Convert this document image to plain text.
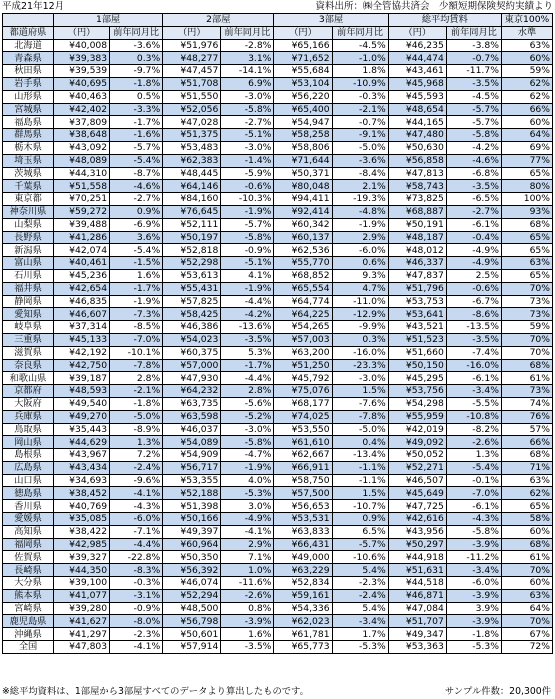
平成21年12月	資料出所：㈱全管協共済会　少額短期保険契約実績より
	1部屋		2部屋		3部屋		総平均賃料		東京100%
都道府県	（円）	前年同月比	（円）	前年同月比	（円）	前年同月比	（円）	前年同月比	水準
北海道	¥40,008	-3.6%	¥51,976	-2.8%	¥65,166	-4.5%	¥46,235	-3.8%	63%
青森県	¥39,383	0.3%	¥48,277	3.1%	¥71,652	-1.0%	¥44,474	-0.7%	60%
秋田県	¥39,539	-9.7%	¥47,457	-14.1%	¥55,684	1.8%	¥43,461	-11.7%	59%
岩手県	¥40,695	-1.8%	¥51,708	6.9%	¥53,104	-10.9%	¥45,968	-3.5%	62%
山形県	¥40,463	0.5%	¥51,550	-3.0%	¥56,220	-0.3%	¥45,593	-4.5%	62%
宮城県	¥42,402	-3.3%	¥52,056	-5.8%	¥65,400	-2.1%	¥48,654	-5.7%	66%
福島県	¥37,809	-1.7%	¥47,028	-2.7%	¥54,947	-0.7%	¥44,165	-5.7%	60%
群馬県	¥38,648	-1.6%	¥51,375	-5.1%	¥58,258	-9.1%	¥47,480	-5.8%	64%
栃木県	¥43,092	-5.7%	¥53,483	-3.0%	¥58,806	-5.0%	¥50,630	-4.2%	69%
埼玉県	¥48,089	-5.4%	¥62,383	-1.4%	¥71,644	-3.6%	¥56,858	-4.6%	77%
茨城県	¥44,310	-8.7%	¥48,445	-5.9%	¥50,371	-8.4%	¥47,813	-6.8%	65%
千葉県	¥51,558	-4.6%	¥64,146	-0.6%	¥80,048	2.1%	¥58,743	-3.5%	80%
東京都	¥70,251	-2.7%	¥84,160	-10.3%	¥94,411	-19.3%	¥73,825	-6.5%	100%
神奈川県	¥59,272	0.9%	¥76,645	-1.9%	¥92,414	-4.8%	¥68,887	-2.7%	93%
山梨県	¥39,488	-6.9%	¥52,111	-5.7%	¥60,342	-1.9%	¥50,191	-6.1%	68%
長野県	¥41,286	3.6%	¥50,197	-5.8%	¥60,137	2.9%	¥48,187	-0.4%	65%
新潟県	¥42,074	-5.4%	¥52,818	-0.9%	¥62,536	-6.0%	¥48,012	-4.9%	65%
富山県	¥40,461	-1.5%	¥52,298	-5.1%	¥55,770	0.6%	¥46,337	-4.9%	63%
石川県	¥45,236	1.6%	¥53,613	4.1%	¥68,852	9.3%	¥47,837	2.5%	65%
福井県	¥42,654	-1.7%	¥55,431	-1.9%	¥65,554	4.7%	¥51,796	-0.6%	70%
静岡県	¥46,835	-1.9%	¥57,825	-4.4%	¥64,774	-11.0%	¥53,753	-6.7%	73%
愛知県	¥46,607	-7.3%	¥58,425	-4.2%	¥64,225	-12.9%	¥53,641	-8.6%	73%
岐阜県	¥37,314	-8.5%	¥46,386	-13.6%	¥54,265	-9.9%	¥43,521	-13.5%	59%
三重県	¥45,133	-7.0%	¥54,023	-3.5%	¥57,003	0.3%	¥51,523	-3.5%	70%
滋賀県	¥42,192	-10.1%	¥60,375	5.3%	¥63,200	-16.0%	¥51,660	-7.4%	70%
奈良県	¥42,750	-7.8%	¥57,000	-1.7%	¥51,250	-23.3%	¥50,150	-16.0%	68%
和歌山県	¥39,187	2.8%	¥47,930	-4.4%	¥45,792	-3.0%	¥45,295	-6.1%	61%
京都府	¥48,593	-2.1%	¥64,232	2.8%	¥75,076	1.5%	¥53,756	-3.4%	73%
大阪府	¥49,540	-1.8%	¥63,735	-5.6%	¥68,177	-7.6%	¥54,298	-5.5%	74%
兵庫県	¥49,270	-5.0%	¥63,598	-5.2%	¥74,025	-7.8%	¥55,959	-10.8%	76%
鳥取県	¥35,443	-8.9%	¥46,037	-3.0%	¥53,550	-5.0%	¥42,019	-8.2%	57%
岡山県	¥44,629	1.3%	¥54,089	-5.8%	¥61,610	0.4%	¥49,092	-2.6%	66%
島根県	¥43,967	7.2%	¥54,909	-4.7%	¥62,667	-13.4%	¥50,052	1.3%	68%
広島県	¥43,434	-2.4%	¥56,717	-1.9%	¥66,911	-1.1%	¥52,271	-5.4%	71%
山口県	¥34,693	-9.6%	¥53,355	4.0%	¥58,750	-1.1%	¥46,507	-0.1%	63%
徳島県	¥38,452	-4.1%	¥52,188	-5.3%	¥57,500	1.5%	¥45,649	-7.0%	62%
香川県	¥40,769	-4.3%	¥51,398	3.0%	¥56,653	-10.7%	¥47,725	-6.1%	65%
愛媛県	¥35,085	-6.0%	¥50,166	-4.9%	¥53,531	0.9%	¥42,616	-4.3%	58%
高知県	¥38,422	-7.1%	¥49,397	-4.1%	¥63,833	6.5%	¥43,956	-5.8%	60%
福岡県	¥42,985	-4.4%	¥60,964	2.9%	¥66,431	-5.7%	¥50,297	-3.9%	68%
佐賀県	¥39,327	-22.8%	¥50,350	7.1%	¥49,000	-10.6%	¥44,918	-11.2%	61%
長崎県	¥44,350	-8.3%	¥56,392	1.0%	¥63,229	5.4%	¥51,631	-3.4%	70%
大分県	¥39,100	-0.3%	¥46,074	-11.6%	¥52,834	-2.3%	¥44,518	-6.0%	60%
熊本県	¥41,077	-3.1%	¥52,294	-2.6%	¥59,161	-2.4%	¥46,871	-3.9%	63%
宮崎県	¥39,280	-0.9%	¥48,500	0.8%	¥54,336	5.4%	¥47,084	3.9%	64%
鹿児島県	¥41,627	-8.0%	¥56,798	-3.9%	¥62,023	-3.4%	¥51,707	-3.9%	70%
沖縄県	¥41,297	-2.3%	¥50,601	1.6%	¥61,781	1.7%	¥49,347	-1.8%	67%
全国	¥47,803	-4.1%	¥57,914	-3.5%	¥65,773	-5.3%	¥53,363	-5.3%	72%
※総平均資料は、1部屋から3部屋すべてのデータより算出したものです。	サンプル件数：20,300件
